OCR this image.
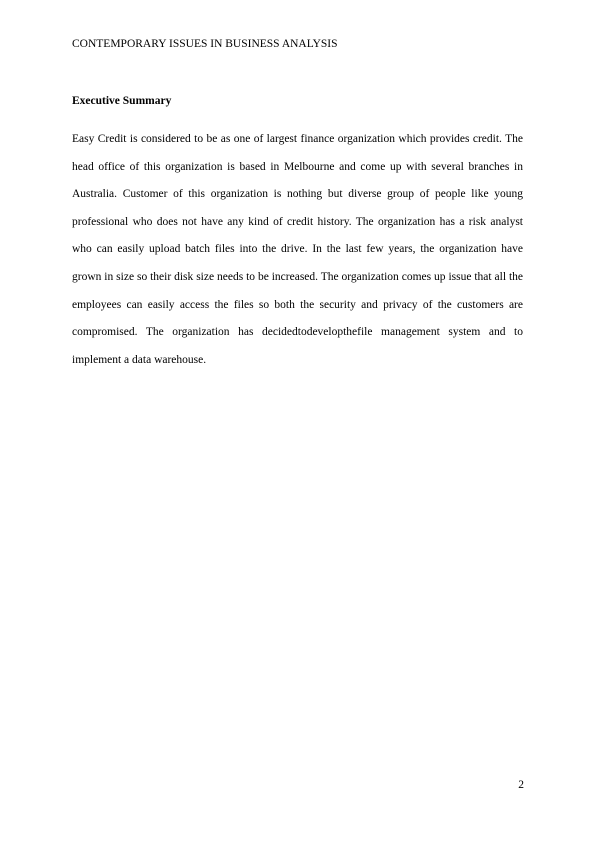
CONTEMPORARY ISSUES IN BUSINESS ANALYSIS
Executive Summary

Easy Credit is considered to be as one of largest finance organization which provides credit. The head office of this organization is based in Melbourne and come up with several branches in Australia. Customer of this organization is nothing but diverse group of people like young professional who does not have any kind of credit history. The organization has a risk analyst who can easily upload batch files into the drive. In the last few years, the organization have grown in size so their disk size needs to be increased. The organization comes up issue that all the employees can easily access the files so both the security and privacy of the customers are compromised. The organization has decidedtodevelopthefile management system and to implement a data warehouse.

2
